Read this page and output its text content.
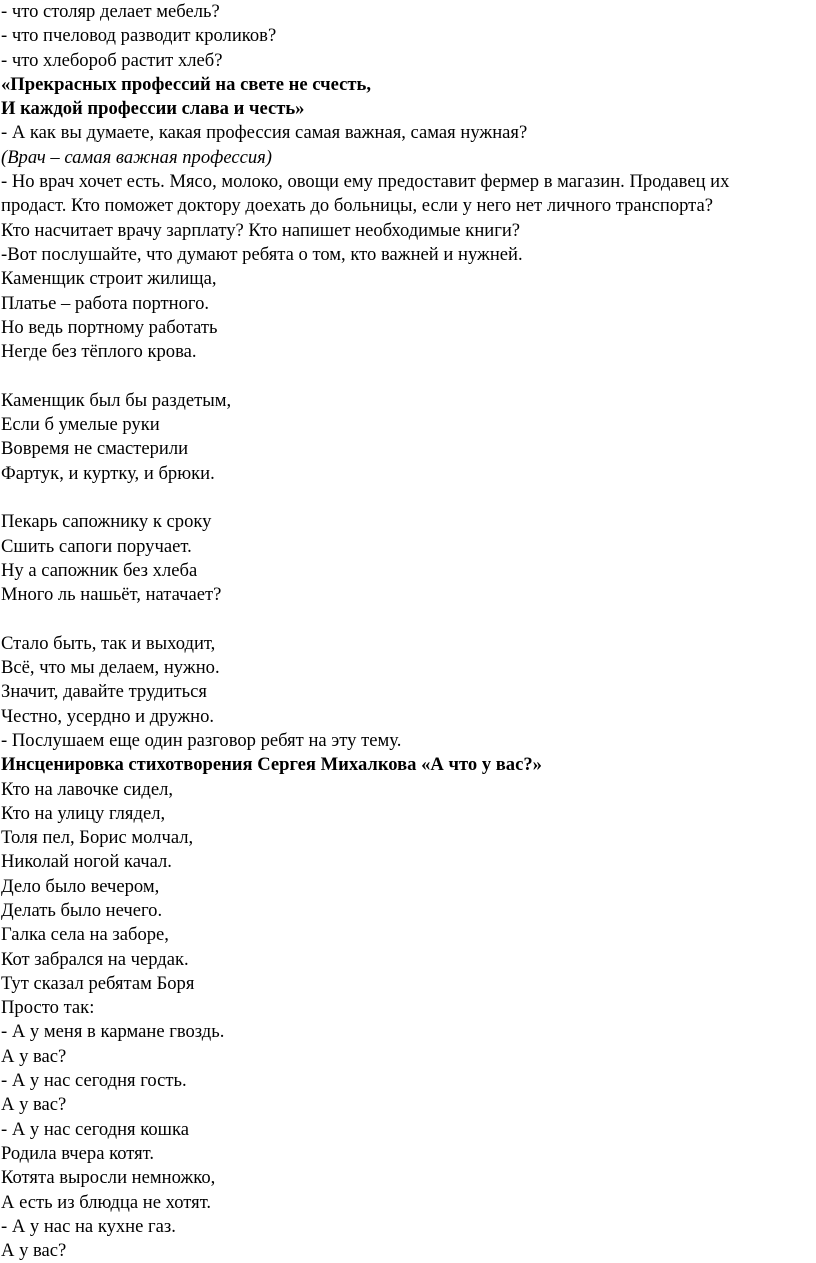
- что столяр делает мебель?
- что пчеловод разводит кроликов?
- что хлебороб растит хлеб?
«Прекрасных профессий на свете не счесть,
И каждой профессии слава и честь»
- А как вы думаете, какая профессия самая важная, самая нужная?
(Врач – самая важная профессия)
- Но врач хочет есть. Мясо, молоко, овощи ему предоставит фермер в магазин. Продавец их
продаст. Кто поможет доктору доехать до больницы, если у него нет личного транспорта?
Кто насчитает врачу зарплату? Кто напишет необходимые книги?
-Вот послушайте, что думают ребята о том, кто важней и нужней.
Каменщик строит жилища,
Платье – работа портного.
Но ведь портному работать
Негде без тёплого крова.
Каменщик был бы раздетым,
Если б умелые руки
Вовремя не смастерили
Фартук, и куртку, и брюки.
Пекарь сапожнику к сроку
Сшить сапоги поручает.
Ну а сапожник без хлеба
Много ль нашьёт, натачает?
Стало быть, так и выходит,
Всё, что мы делаем, нужно.
Значит, давайте трудиться
Честно, усердно и дружно.
- Послушаем еще один разговор ребят на эту тему.
Инсценировка стихотворения Сергея Михалкова «А что у вас?»
Кто на лавочке сидел,
Кто на улицу глядел,
Толя пел, Борис молчал,
Николай ногой качал.
Дело было вечером,
Делать было нечего.
Галка села на заборе,
Кот забрался на чердак.
Тут сказал ребятам Боря
Просто так:
- А у меня в кармане гвоздь.
А у вас?
- А у нас сегодня гость.
А у вас?
- А у нас сегодня кошка
Родила вчера котят.
Котята выросли немножко,
А есть из блюдца не хотят.
- А у нас на кухне газ.
А у вас?
